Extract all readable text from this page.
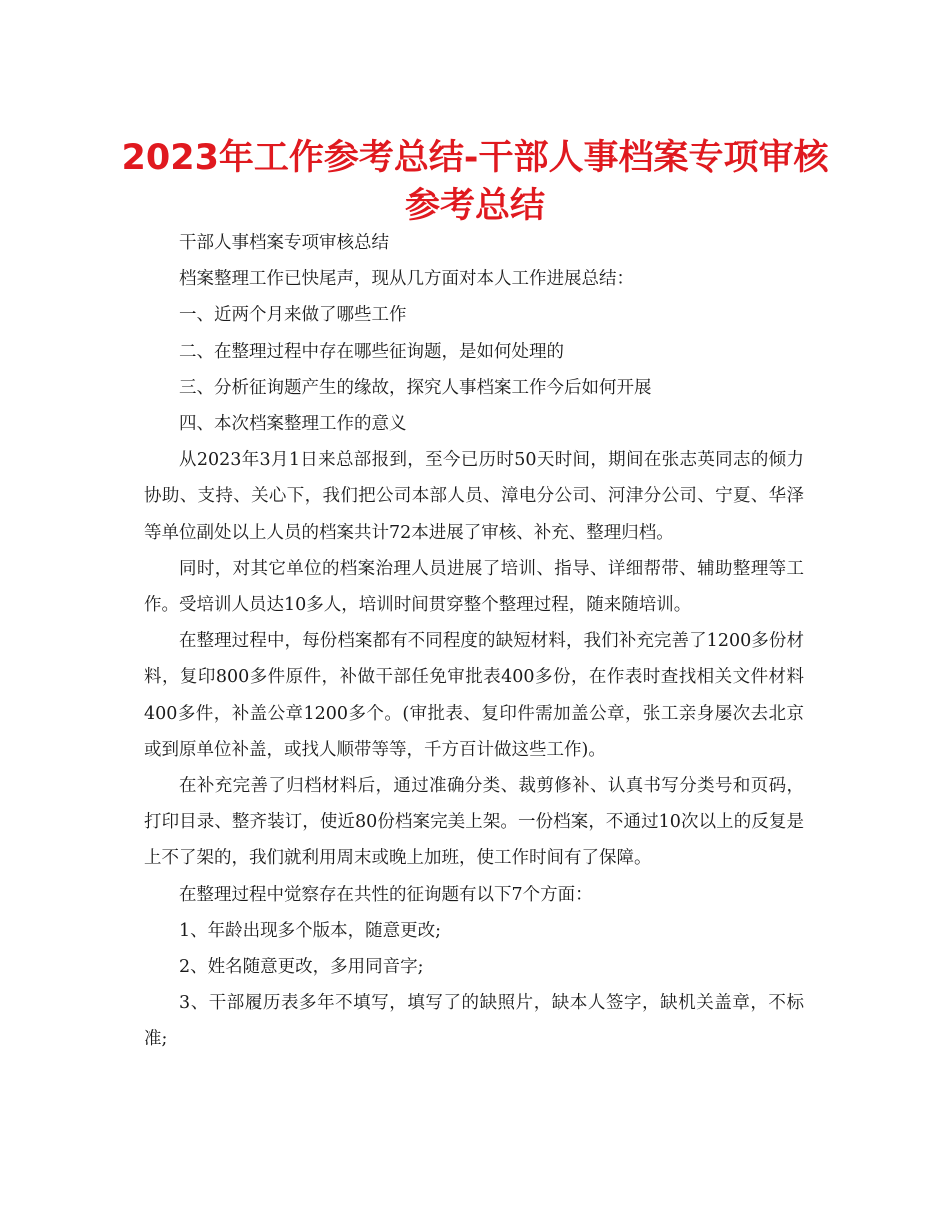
2023年工作参考总结-干部人事档案专项审核参考总结

干部人事档案专项审核总结

档案整理工作已快尾声，现从几方面对本人工作进展总结：

一、近两个月来做了哪些工作

二、在整理过程中存在哪些征询题，是如何处理的

三、分析征询题产生的缘故，探究人事档案工作今后如何开展

四、本次档案整理工作的意义

从2023年3月1日来总部报到，至今已历时50天时间，期间在张志英同志的倾力协助、支持、关心下，我们把公司本部人员、漳电分公司、河津分公司、宁夏、华泽等单位副处以上人员的档案共计72本进展了审核、补充、整理归档。

同时，对其它单位的档案治理人员进展了培训、指导、详细帮带、辅助整理等工作。受培训人员达10多人，培训时间贯穿整个整理过程，随来随培训。

在整理过程中，每份档案都有不同程度的缺短材料，我们补充完善了1200多份材料，复印800多件原件，补做干部任免审批表400多份，在作表时查找相关文件材料400多件，补盖公章1200多个。(审批表、复印件需加盖公章，张工亲身屡次去北京或到原单位补盖，或找人顺带等等，千方百计做这些工作)。

在补充完善了归档材料后，通过准确分类、裁剪修补、认真书写分类号和页码，打印目录、整齐装订，使近80份档案完美上架。一份档案，不通过10次以上的反复是上不了架的，我们就利用周末或晚上加班，使工作时间有了保障。

在整理过程中觉察存在共性的征询题有以下7个方面：

1、年龄出现多个版本，随意更改;

2、姓名随意更改，多用同音字;

3、干部履历表多年不填写，填写了的缺照片，缺本人签字，缺机关盖章，不标准;
